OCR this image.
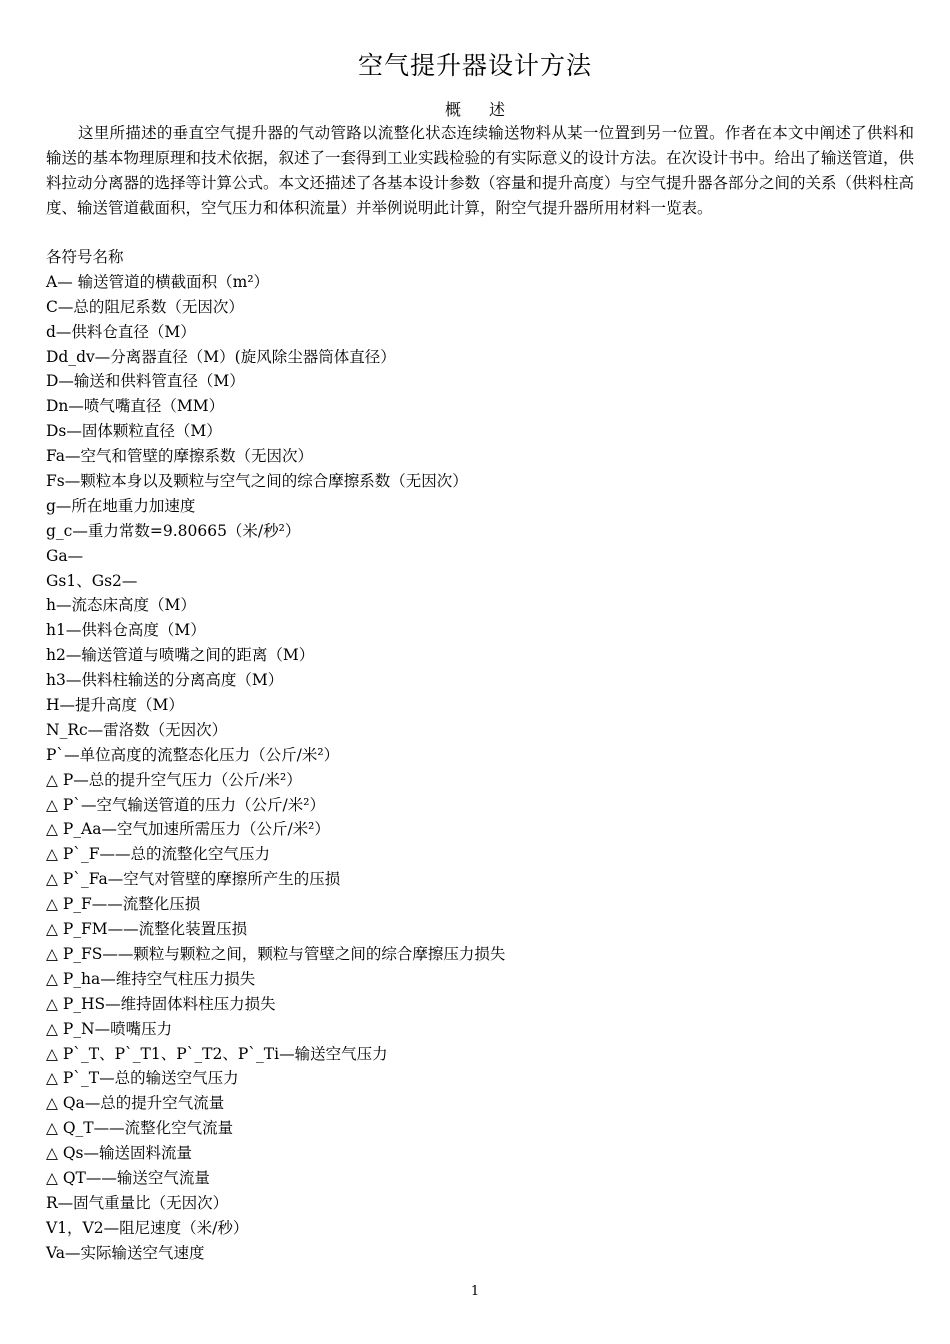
空气提升器设计方法
概述

这里所描述的垂直空气提升器的气动管路以流整化状态连续输送物料从某一位置到另一位置。作者在本文中阐述了供料和输送的基本物理原理和技术依据，叙述了一套得到工业实践检验的有实际意义的设计方法。在次设计书中。给出了输送管道，供料拉动分离器的选择等计算公式。本文还描述了各基本设计参数（容量和提升高度）与空气提升器各部分之间的关系（供料柱高度、输送管道截面积，空气压力和体积流量）并举例说明此计算，附空气提升器所用材料一览表。

各符号名称
A— 输送管道的横截面积（m²）
C—总的阻尼系数（无因次）
d—供料仓直径（M）
Dd_dv—分离器直径（M）(旋风除尘器筒体直径）
D—输送和供料管直径（M）
Dn—喷气嘴直径（MM）
Ds—固体颗粒直径（M）
Fa—空气和管壁的摩擦系数（无因次）
Fs—颗粒本身以及颗粒与空气之间的综合摩擦系数（无因次）
g—所在地重力加速度
g_c—重力常数=9.80665（米/秒²）
Ga—
Gs1、Gs2—
h—流态床高度（M）
h1—供料仓高度（M）
h2—输送管道与喷嘴之间的距离（M）
h3—供料柱输送的分离高度（M）
H—提升高度（M）
N_Rc—雷洛数（无因次）
P`—单位高度的流整态化压力（公斤/米²）
△ P—总的提升空气压力（公斤/米²）
△ P`—空气输送管道的压力（公斤/米²）
△ P_Aa—空气加速所需压力（公斤/米²）
△ P`_F——总的流整化空气压力
△ P`_Fa—空气对管壁的摩擦所产生的压损
△ P_F——流整化压损
△ P_FM——流整化装置压损
△ P_FS——颗粒与颗粒之间，颗粒与管壁之间的综合摩擦压力损失
△ P_ha—维持空气柱压力损失
△ P_HS—维持固体料柱压力损失
△ P_N—喷嘴压力
△ P`_T、P`_T1、P`_T2、P`_Ti—输送空气压力
△ P`_T—总的输送空气压力
△ Qa—总的提升空气流量
△ Q_T——流整化空气流量
△ Qs—输送固料流量
△ QT——输送空气流量
R—固气重量比（无因次）
V1，V2—阻尼速度（米/秒）
Va—实际输送空气速度
1
